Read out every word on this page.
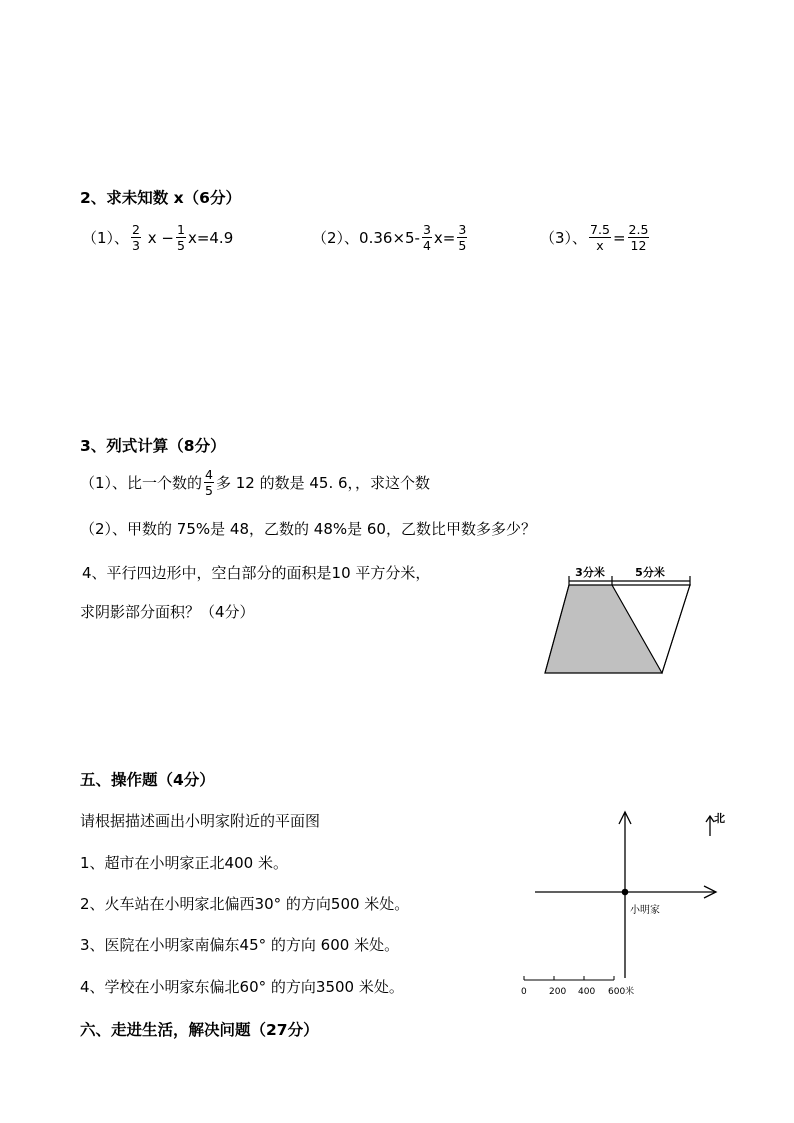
2、求未知数 x（6分）
（1）、 $\frac{2}{3}$ $x - \frac{1}{5} x=4.9$	（2）、$0.36\times 5- \frac{3}{4} x= \frac{3}{5}$	（3）、 $\frac{7.5}{x} = \frac{2.5}{12}$
3、列式计算（8分）
（1）、比一个数的 $\frac{4}{5}$ 多 12 的数是 45. 6，，求这个数
（2）、甲数的 75%是 48，乙数的 48%是 60，乙数比甲数多多少？
4、平行四边形中，空白部分的面积是10 平方分米，
求阴影部分面积？（4分）
3分米	5分米
五、操作题（4分）
请根据描述画出小明家附近的平面图
1、超市在小明家正北400 米。
2、火车站在小明家北偏西30° 的方向500 米处。
3、医院在小明家南偏东45° 的方向 600 米处。
4、学校在小明家东偏北60° 的方向3500 米处。
小明家
北
0 200 400 600米
六、走进生活，解决问题（27分）
